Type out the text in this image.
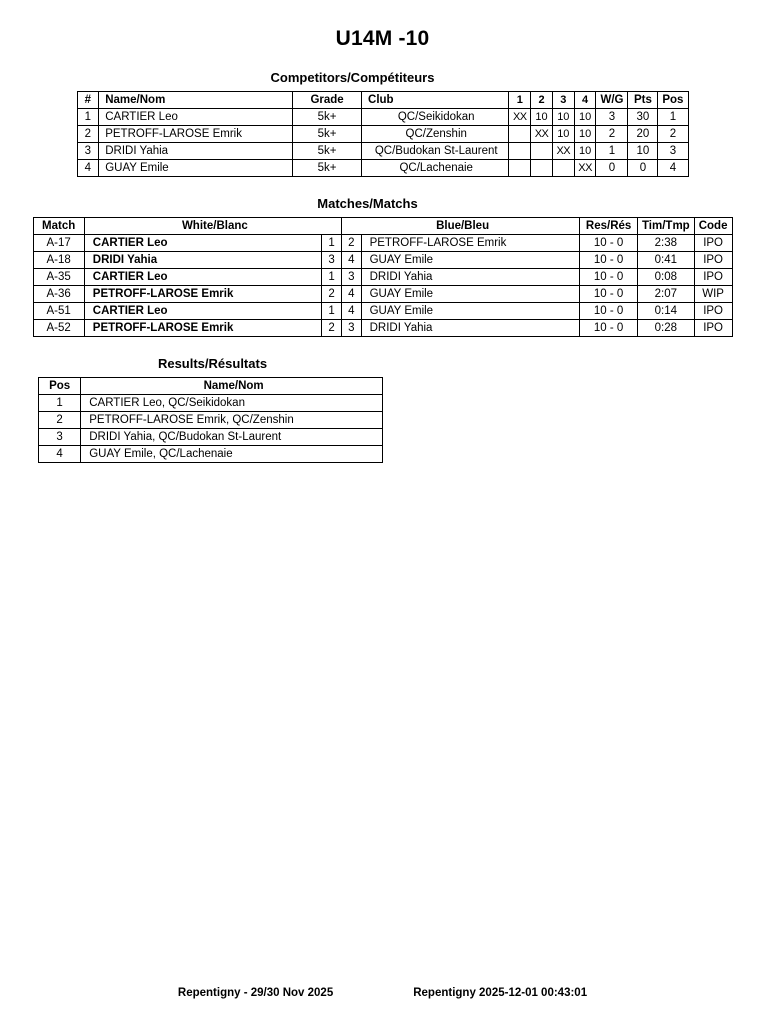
U14M -10
Competitors/Compétiteurs
#	Name/Nom	Grade	Club	1	2	3	4	W/G	Pts	Pos
1	CARTIER Leo	5k+	QC/Seikidokan	XX	10	10	10	3	30	1
2	PETROFF-LAROSE Emrik	5k+	QC/Zenshin		XX	10	10	2	20	2
3	DRIDI Yahia	5k+	QC/Budokan St-Laurent			XX	10	1	10	3
4	GUAY Emile	5k+	QC/Lachenaie				XX	0	0	4
Matches/Matchs
Match	White/Blanc		Blue/Bleu		Res/Rés	Tim/Tmp	Code
A-17	CARTIER Leo	1	2	PETROFF-LAROSE Emrik	10 - 0	2:38	IPO
A-18	DRIDI Yahia	3	4	GUAY Emile	10 - 0	0:41	IPO
A-35	CARTIER Leo	1	3	DRIDI Yahia	10 - 0	0:08	IPO
A-36	PETROFF-LAROSE Emrik	2	4	GUAY Emile	10 - 0	2:07	WIP
A-51	CARTIER Leo	1	4	GUAY Emile	10 - 0	0:14	IPO
A-52	PETROFF-LAROSE Emrik	2	3	DRIDI Yahia	10 - 0	0:28	IPO
Results/Résultats
Pos	Name/Nom
1	CARTIER Leo, QC/Seikidokan
2	PETROFF-LAROSE Emrik, QC/Zenshin
3	DRIDI Yahia, QC/Budokan St-Laurent
4	GUAY Emile, QC/Lachenaie
Repentigny - 29/30 Nov 2025	Repentigny 2025-12-01 00:43:01
